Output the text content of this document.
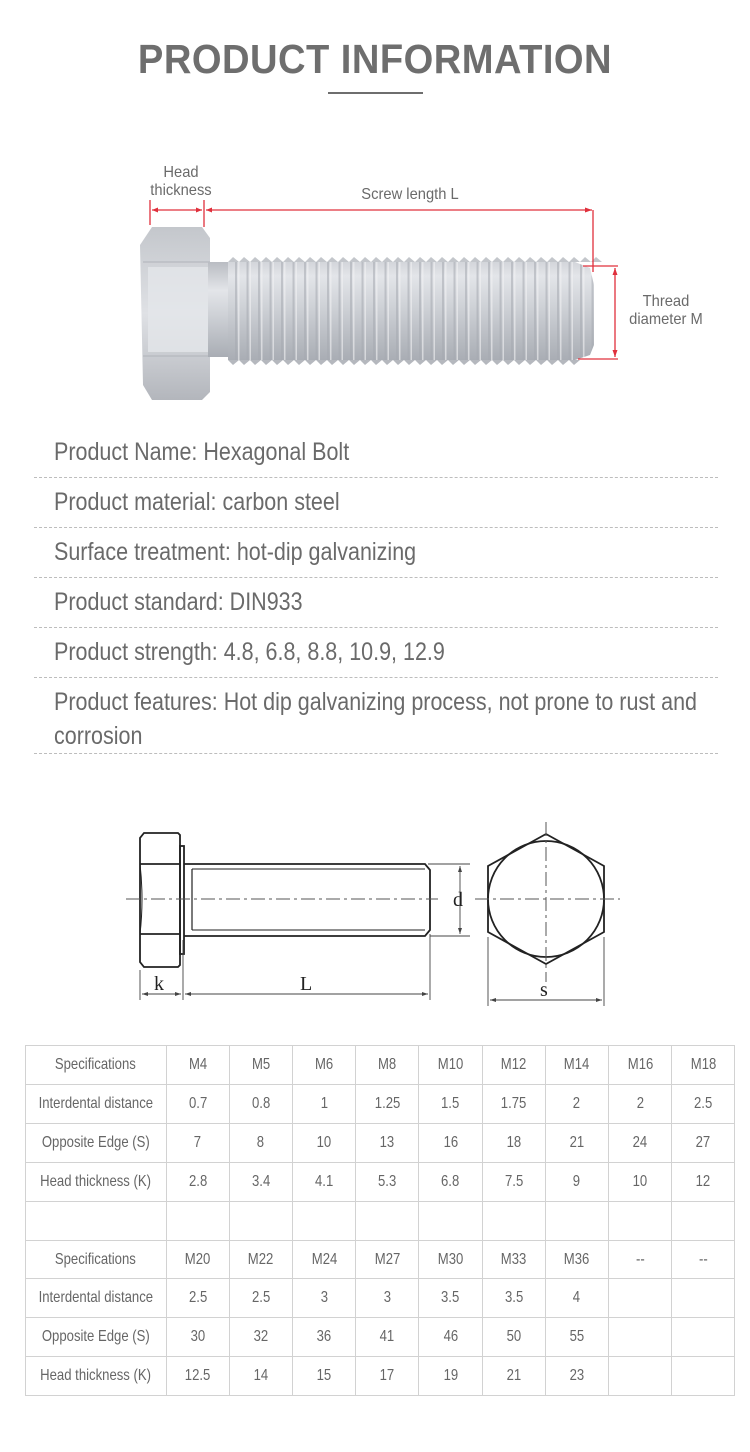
PRODUCT INFORMATION
Head
thickness	Screw length L
Thread
diameter M
Product Name: Hexagonal Bolt
Product material: carbon steel
Surface treatment: hot-dip galvanizing
Product standard: DIN933
Product strength: 4.8, 6.8, 8.8, 10.9, 12.9
Product features: Hot dip galvanizing process, not prone to rust and corrosion
k	L
d
s
Specifications	M4	M5	M6	M8	M10	M12	M14	M16	M18
Interdental distance	0.7	0.8	1	1.25	1.5	1.75	2	2	2.5
Opposite Edge (S)	7	8	10	13	16	18	21	24	27
Head thickness (K)	2.8	3.4	4.1	5.3	6.8	7.5	9	10	12

Specifications	M20	M22	M24	M27	M30	M33	M36	--	--
Interdental distance	2.5	2.5	3	3	3.5	3.5	4		
Opposite Edge (S)	30	32	36	41	46	50	55		
Head thickness (K)	12.5	14	15	17	19	21	23		
